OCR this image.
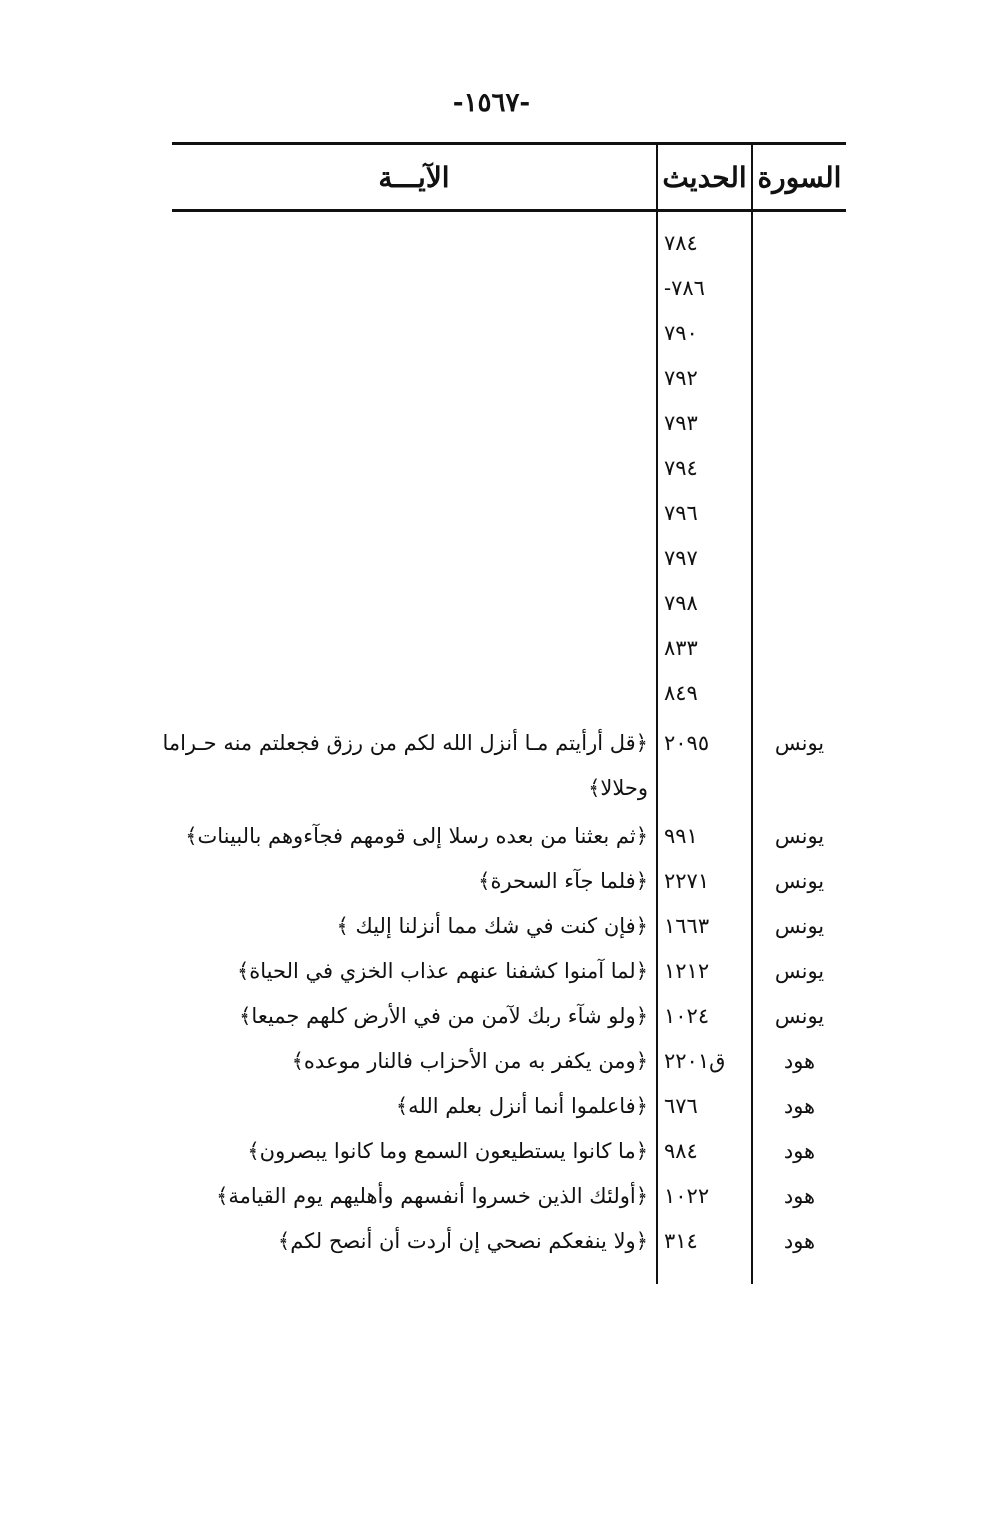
-١٥٦٧-
السورة
الحديث
الآيـــة
٧٨٤
-٧٨٦
٧٩٠
٧٩٢
٧٩٣
٧٩٤
٧٩٦
٧٩٧
٧٩٨
٨٣٣
٨٤٩
يونس
٢٠٩٥
﴿قل أرأيتم مـا أنزل الله لكم من رزق فجعلتم منه حـراما
وحلالا﴾
يونس
٩٩١
﴿ثم بعثنا من بعده رسلا إلى قومهم فجآءوهم بالبينات﴾
يونس
٢٢٧١
﴿فلما جآء السحرة﴾
يونس
١٦٦٣
﴿فإن كنت في شك مما أنزلنا إليك ﴾
يونس
١٢١٢
﴿لما آمنوا كشفنا عنهم عذاب الخزي في الحياة﴾
يونس
١٠٢٤
﴿ولو شآء ربك لآمن من في الأرض كلهم جميعا﴾
هود
ق٢٢٠١
﴿ومن يكفر به من الأحزاب فالنار موعده﴾
هود
٦٧٦
﴿فاعلموا أنما أنزل بعلم الله﴾
هود
٩٨٤
﴿ما كانوا يستطيعون السمع وما كانوا يبصرون﴾
هود
١٠٢٢
﴿أولئك الذين خسروا أنفسهم وأهليهم يوم القيامة﴾
هود
٣١٤
﴿ولا ينفعكم نصحي إن أردت أن أنصح لكم﴾
